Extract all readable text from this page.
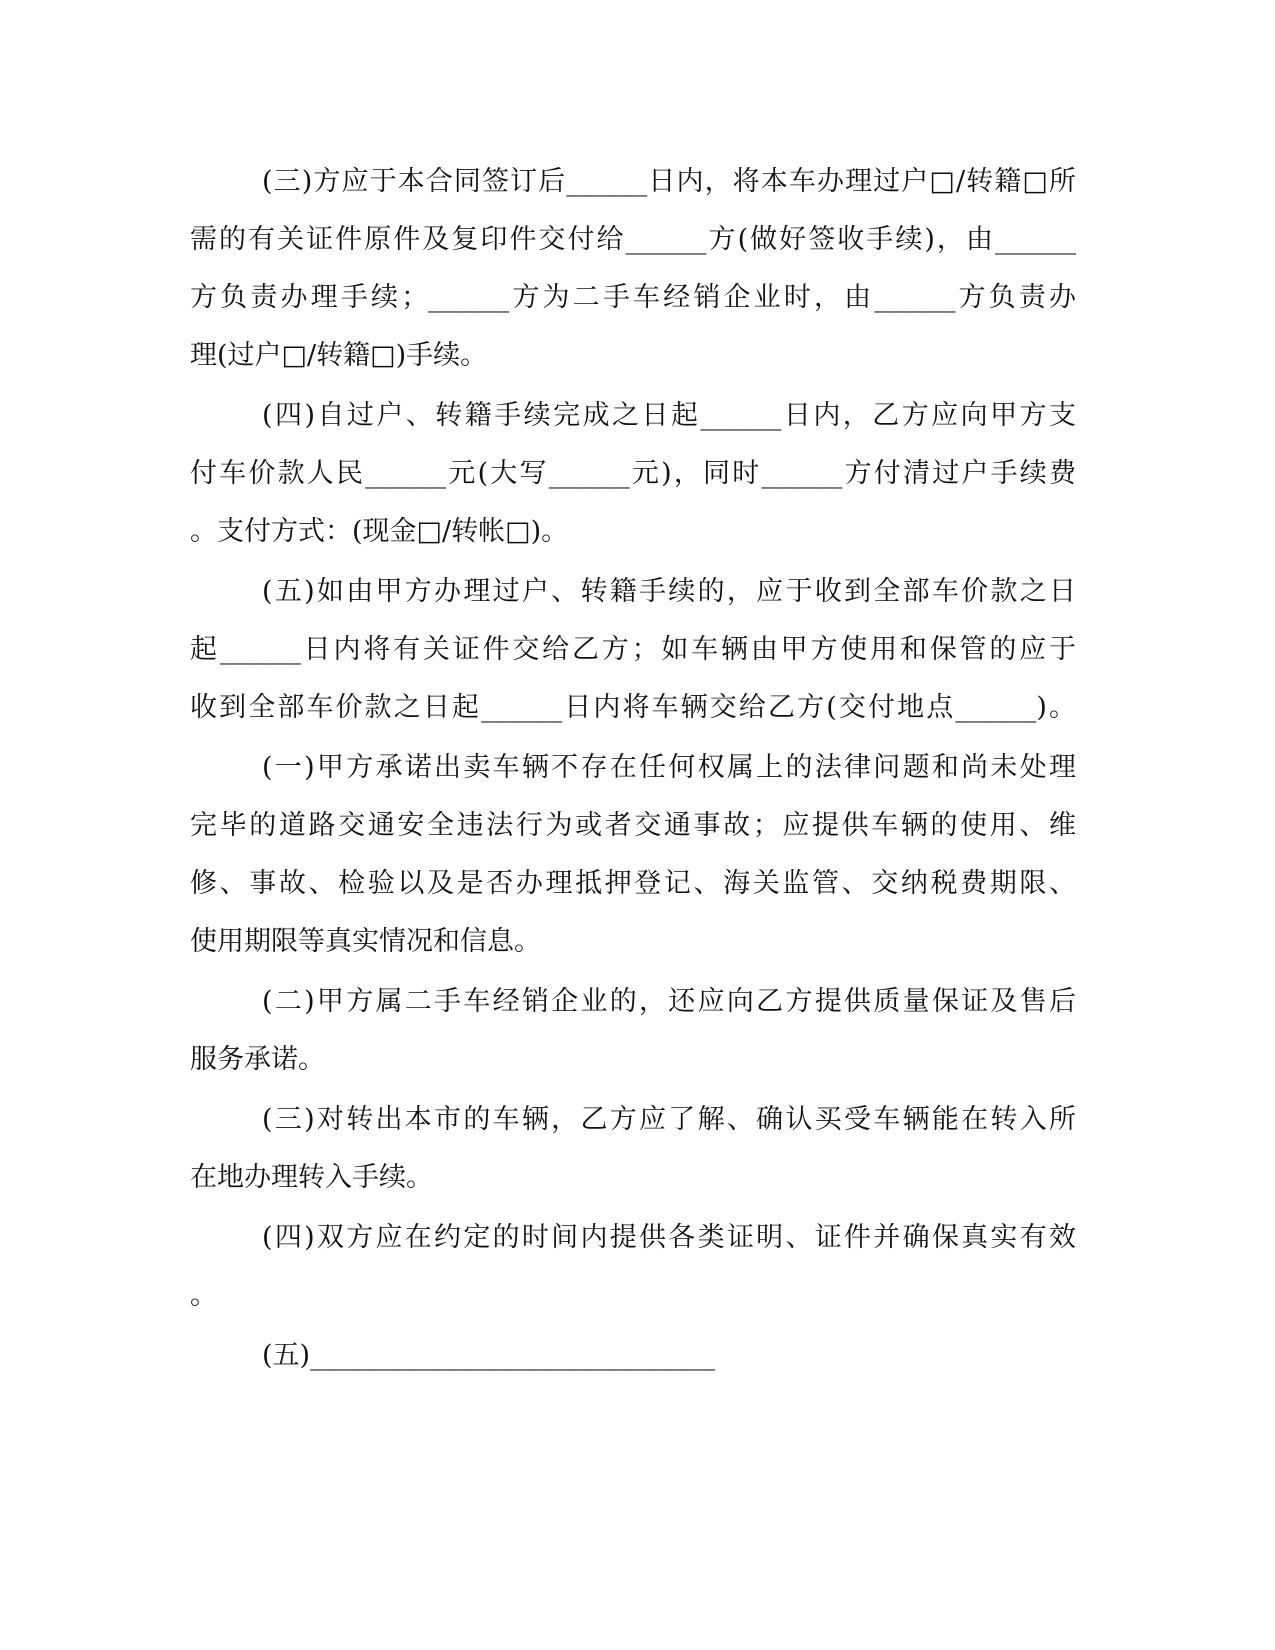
(三)方应于本合同签订后______日内，将本车办理过户□/转籍□所
需的有关证件原件及复印件交付给______方(做好签收手续)，由______
方负责办理手续；______方为二手车经销企业时，由______方负责办
理(过户□/转籍□)手续。
(四)自过户、转籍手续完成之日起______日内，乙方应向甲方支
付车价款人民______元(大写______元)，同时______方付清过户手续费
。支付方式：(现金□/转帐□)。
(五)如由甲方办理过户、转籍手续的，应于收到全部车价款之日
起______日内将有关证件交给乙方；如车辆由甲方使用和保管的应于
收到全部车价款之日起______日内将车辆交给乙方(交付地点______)。
(一)甲方承诺出卖车辆不存在任何权属上的法律问题和尚未处理
完毕的道路交通安全违法行为或者交通事故；应提供车辆的使用、维
修、事故、检验以及是否办理抵押登记、海关监管、交纳税费期限、
使用期限等真实情况和信息。
(二)甲方属二手车经销企业的，还应向乙方提供质量保证及售后
服务承诺。
(三)对转出本市的车辆，乙方应了解、确认买受车辆能在转入所
在地办理转入手续。
(四)双方应在约定的时间内提供各类证明、证件并确保真实有效
。
(五)______________________________
